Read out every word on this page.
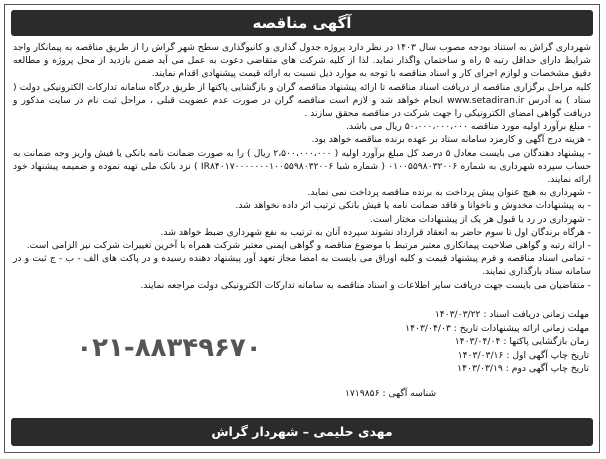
آگهی مناقصه

شهرداری گراش به استناد بودجه مصوب سال ۱۴۰۳ در نظر دارد پروژه جدول گذاری و کانیوگذاری سطح شهر گراش را از طریق مناقصه به پیمانکار واجد شرایط دارای حداقل رتبه ۵ راه و ساختمان واگذار نماید. لذا از کلیه شرکت های متقاضی دعوت به عمل می آید ضمن بازدید از محل پروژه و مطالعه دقیق مشخصات و لوازم اجرای کار و اسناد مناقصه با توجه به موارد ذیل نسبت به ارائه قیمت پیشنهادی اقدام نمایند.

کلیه مراحل برگزاری مناقصه از دریافت اسناد مناقصه تا ارائه پیشنهاد مناقصه گران و بازگشایی پاکتها از طریق درگاه سامانه تدارکات الکترونیکی دولت ( ستاد ) به آدرس www.setadiran.ir انجام خواهد شد و لازم است مناقصه گران در صورت عدم عضویت قبلی ، مراحل ثبت نام در سایت مذکور و دریافت گواهی امضای الکترونیکی را جهت شرکت در مناقصه محقق سازند .

- مبلغ برآورد اولیه مورد مناقصه ۵۰،۰۰۰،۰۰۰،۰۰۰ ریال می باشد.

- هزینه درج آگهی و کارمزد سامانه ستاد بر عهده برنده مناقصه خواهد بود.

- پیشنهاد دهندگان می بایست معادل ۵ درصد کل مبلغ برآورد اولیه ( ۲،۵۰۰،۰۰۰،۰۰۰ ریال ) را به صورت ضمانت نامه بانکی یا فیش واریز وجه ضمانت به حساب سپرده شهرداری به شماره ۰۱۰۰۵۵۹۸۰۳۲۰۰۶ ( شماره شبا IR۸۴۰۱۷۰۰۰۰۰۰۰۱۰۰۵۵۹۸۰۳۲۰۰۶ ) نزد بانک ملی تهیه نموده و ضمیمه پیشنهاد خود ارائه نمایند.

- شهرداری به هیچ عنوان پیش پرداخت به برنده مناقصه پرداخت نمی نماید.

- به پیشنهادات مخدوش و ناخوانا و فاقد ضمانت نامه یا فیش بانکی ترتیب اثر داده نخواهد شد.

- شهرداری در رد یا قبول هر یک از پیشنهادات مختار است.

- هرگاه برندگان اول تا سوم حاضر به انعقاد قرارداد نشوند سپرده آنان به ترتیب به نفع شهرداری ضبط خواهد شد.

- ارائه رتبه و گواهی صلاحیت پیمانکاری معتبر مرتبط با موضوع مناقصه و گواهی ایمنی معتبر شرکت همراه با آخرین تغییرات شرکت نیز الزامی است.

- تمامی اسناد مناقصه و فرم پیشنهاد قیمت و کلیه اوراق می بایست به امضا مجاز تعهد آور پیشنهاد دهنده رسیده و در پاکت های الف - ب - ج ثبت و در سامانه ستاد بارگذاری نمایند.

- متقاضیان می بایست جهت دریافت سایر اطلاعات و اسناد مناقصه به سامانه تدارکات الکترونیکی دولت مراجعه نمایند.

مهلت زمانی دریافت اسناد : ۱۴۰۳/۰۳/۲۲
مهلت زمانی ارائه پیشنهادات تاریخ : ۱۴۰۳/۰۴/۰۳
زمان بازگشایی پاکتها : ۱۴۰۳/۰۴/۰۴
تاریخ چاپ آگهی اول : ۱۴۰۳/۰۳/۱۶
تاریخ چاپ آگهی دوم : ۱۴۰۳/۰۳/۱۹
شناسه آگهی : ۱۷۱۹۸۵۶
۰۲۱-۸۸۳۴۹۶۷۰
مهدی حلیمی – شهردار گراش
